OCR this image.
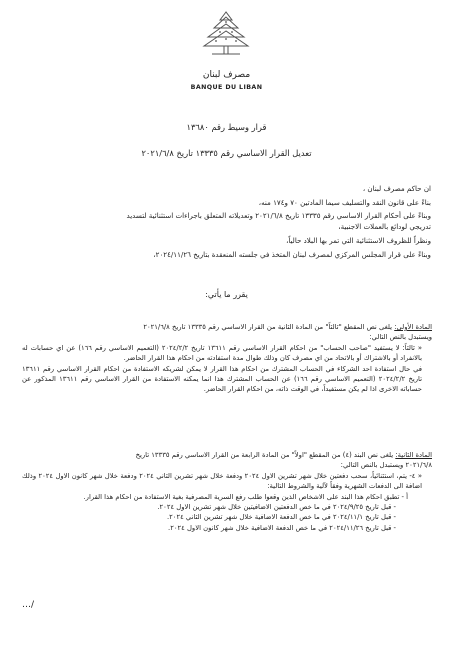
مصرف لبنان
BANQUE DU LIBAN
قرار وسيط رقم ١٣٦٨٠
تعديل القرار الاساسي رقم ١٣٣٣٥ تاريخ ٢٠٢١/٦/٨
ان حاكم مصرف لبنان ،
بناءً على قانون النقد والتسليف سيما المادتين ٧٠ و١٧٤ منه،
وبناءً على أحكام القرار الاساسي رقم ١٣٣٣٥ تاريخ ٢٠٢١/٦/٨ وتعديلاته المتعلق باجراءات استثنائية لتسديد
تدريجي لودائع بالعملات الاجنبية،
ونظراً للظروف الاستثنائية التي تمر بها البلاد حالياً،
وبناءً على قرار المجلس المركزي لمصرف لبنان المتخذ في جلسته المنعقدة بتاريخ ٢٠٢٤/١١/٢٦،
يقرر ما يأتي:
المادة الأولى: يلغى نص المقطع "ثالثاً" من المادة الثانية من القرار الاساسي رقم ١٣٣٣٥ تاريخ ٢٠٢١/٦/٨
ويستبدل بالنص التالي:
« ثالثاً: لا يستفيد "صاحب الحساب" من احكام القرار الاساسي رقم ١٣٦١١ تاريخ ٢٠٢٤/٢/٢ (التعميم الاساسي رقم ١٦٦) عن اي حسابات له بالانفراد أو بالاشتراك أو بالاتحاد من اي مصرف كان وذلك طوال مدة استفادته من احكام هذا القرار الحاضر.
في حال استفادة احد الشركاء في الحساب المشترك من احكام هذا القرار لا يمكن لشريكه الاستفادة من احكام القرار الاساسي رقم ١٣٦١١ تاريخ ٢٠٢٤/٢/٢ (التعميم الاساسي رقم ١٦٦) عن الحساب المشترك هذا انما يمكنه الاستفادة من القرار الاساسي رقم ١٣٦١١ المذكور عن حساباته الاخرى اذا لم يكن مستفيداً، في الوقت ذاته، من احكام القرار الحاضر.
المادة الثانية: يلغى نص البند (٤) من المقطع "اولاً" من المادة الرابعة من القرار الاساسي رقم ١٣٣٣٥ تاريخ
٢٠٢١/٦/٨ ويستبدل بالنص التالي:
« ٤- يتم، استثنائياً، سحب دفعتين خلال شهر تشرين الاول ٢٠٢٤ ودفعة خلال شهر تشرين الثاني ٢٠٢٤ ودفعة خلال شهر كانون الاول ٢٠٢٤ وذلك اضافة الى الدفعات الشهرية وفقاً لآلية والشروط التالية:
أ - تطبق احكام هذا البند على الاشخاص الذين وقعوا طلب رفع السرية المصرفية بغية الاستفادة من احكام هذا القرار.
- قبل تاريخ ٢٠٢٤/٩/٢٥ في ما خص الدفعتين الاضافيتين خلال شهر تشرين الاول ٢٠٢٤.
- قبل تاريخ ٢٠٢٤/١١/١ في ما خص الدفعة الاضافية خلال شهر تشرين الثاني ٢٠٢٤.
- قبل تاريخ ٢٠٢٤/١١/٢٦ في ما خص الدفعة الاضافية خلال شهر كانون الاول ٢٠٢٤.
…/
